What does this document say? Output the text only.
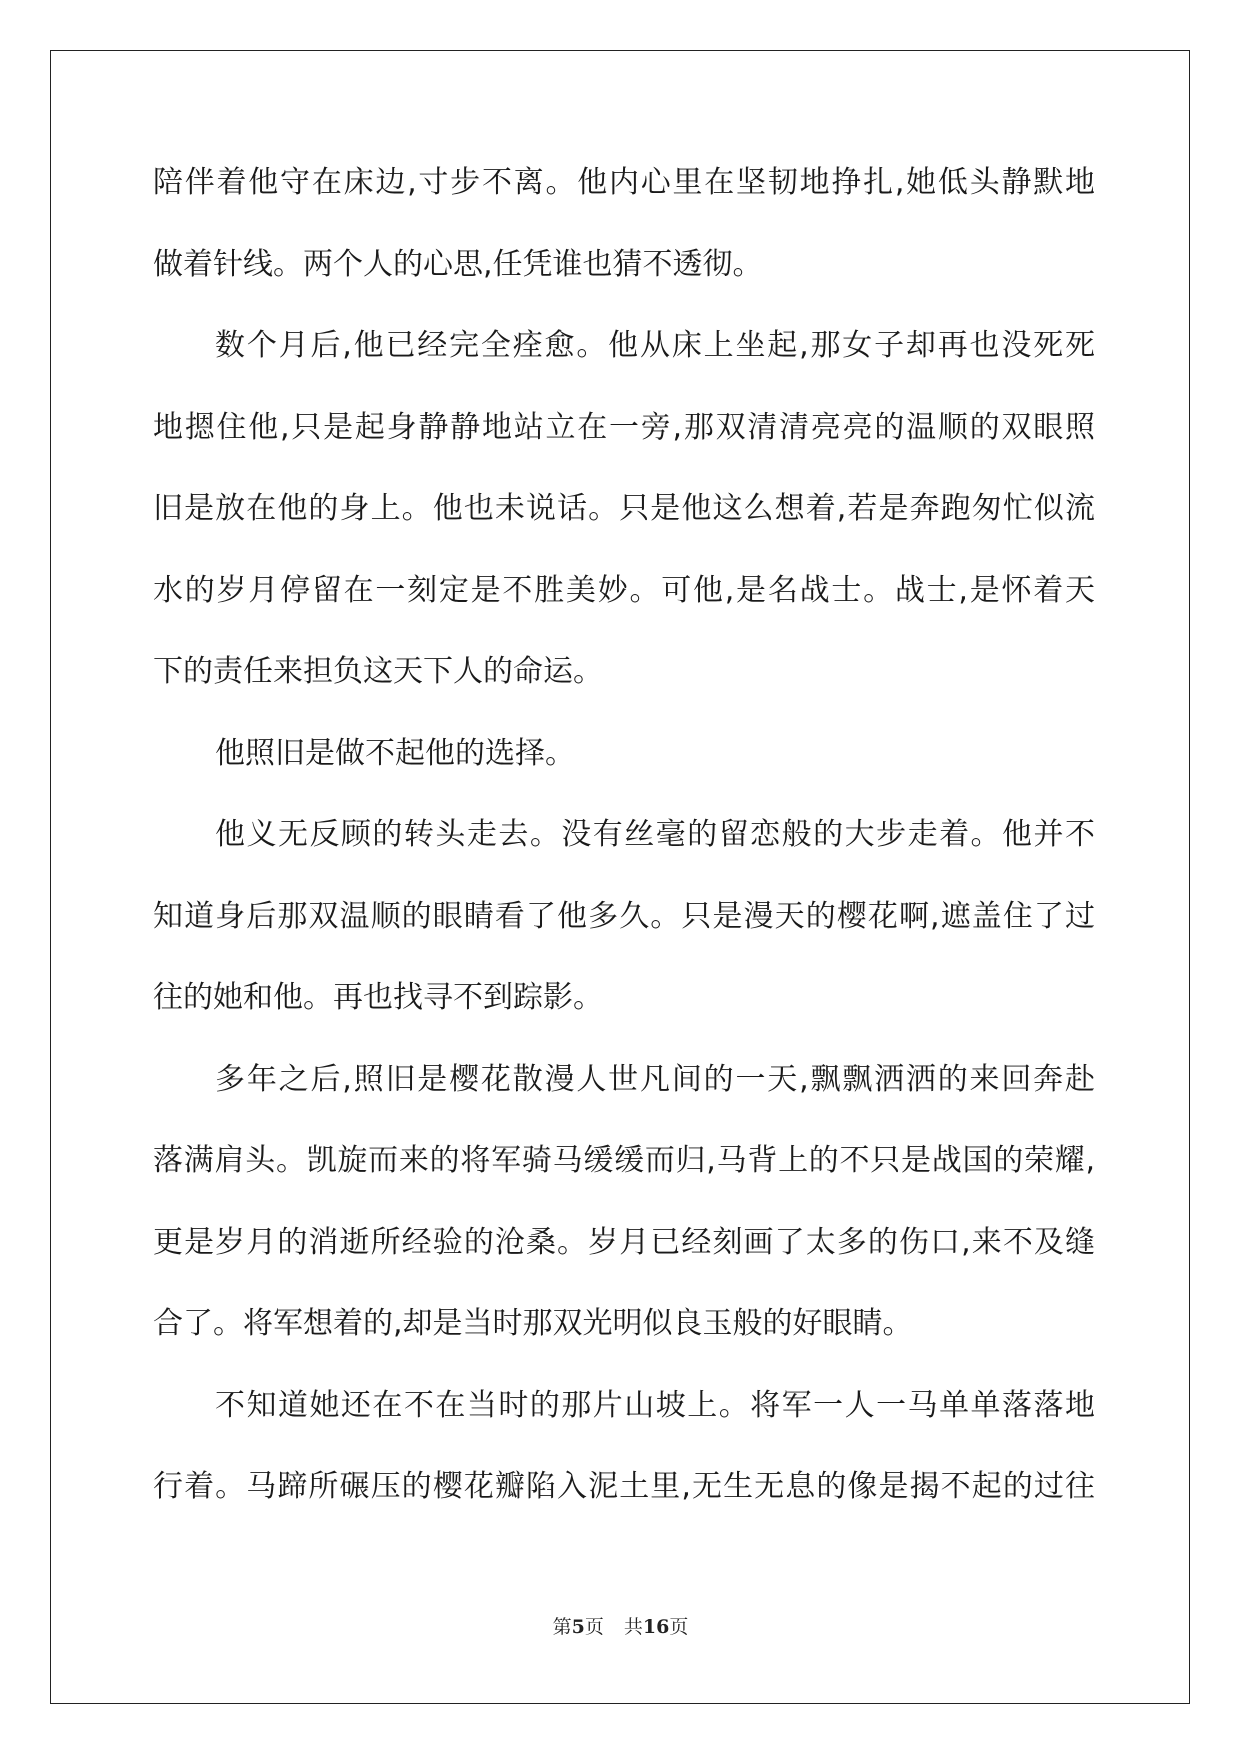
陪伴着他守在床边,寸步不离。他内心里在坚韧地挣扎,她低头静默地
做着针线。两个人的心思,任凭谁也猜不透彻。
数个月后,他已经完全痊愈。他从床上坐起,那女子却再也没死死
地摁住他,只是起身静静地站立在一旁,那双清清亮亮的温顺的双眼照
旧是放在他的身上。他也未说话。只是他这么想着,若是奔跑匆忙似流
水的岁月停留在一刻定是不胜美妙。可他,是名战士。战士,是怀着天
下的责任来担负这天下人的命运。
他照旧是做不起他的选择。
他义无反顾的转头走去。没有丝毫的留恋般的大步走着。他并不
知道身后那双温顺的眼睛看了他多久。只是漫天的樱花啊,遮盖住了过
往的她和他。再也找寻不到踪影。
多年之后,照旧是樱花散漫人世凡间的一天,飘飘洒洒的来回奔赴
落满肩头。凯旋而来的将军骑马缓缓而归,马背上的不只是战国的荣耀,
更是岁月的消逝所经验的沧桑。岁月已经刻画了太多的伤口,来不及缝
合了。将军想着的,却是当时那双光明似良玉般的好眼睛。
不知道她还在不在当时的那片山坡上。将军一人一马单单落落地
行着。马蹄所碾压的樱花瓣陷入泥土里,无生无息的像是揭不起的过往
第5页 共16页
